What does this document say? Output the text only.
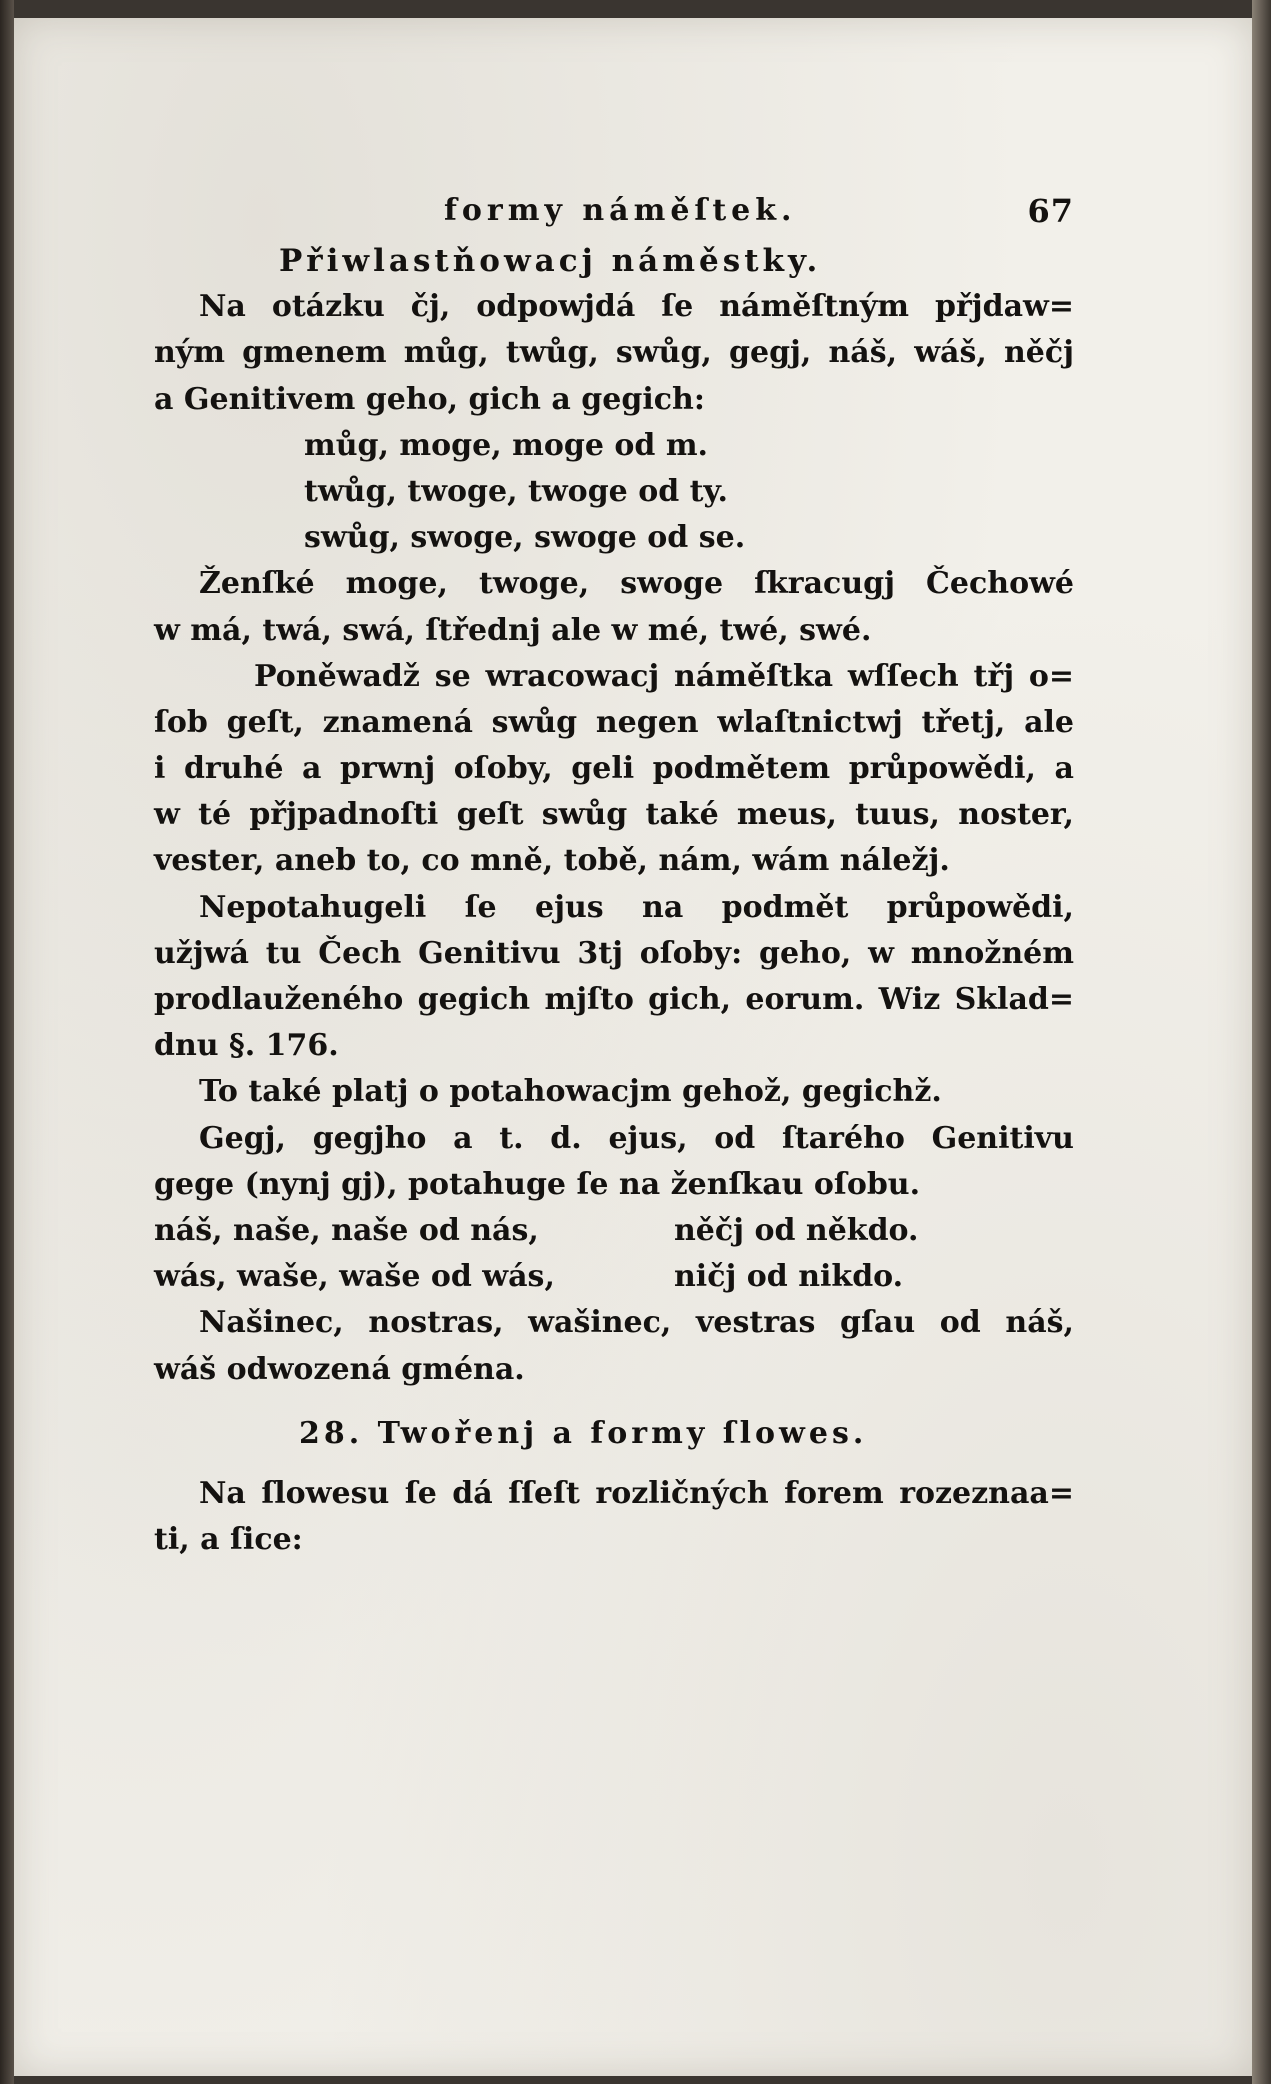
formy náměſtek.	67
Přiwlastňowacj náměstky.
Na otázku čj, odpowjdá ſe náměſtným přjdaw=
ným gmenem můg, twůg, swůg, gegj, náš, wáš, něčj
a Genitivem geho, gich a gegich:
můg, moge, moge od m.
twůg, twoge, twoge od ty.
swůg, swoge, swoge od se.
Ženſké moge, twoge, swoge ſkracugj Čechowé
w má, twá, swá, ſtřednj ale w mé, twé, swé.
Poněwadž se wracowacj náměſtka wſſech třj o=
ſob geſt, znamená swůg negen wlaſtnictwj třetj, ale
i druhé a prwnj oſoby, geli podmětem průpowědi, a
w té přjpadnoſti geſt swůg také meus, tuus, noster,
vester, aneb to, co mně, tobě, nám, wám náležj.
Nepotahugeli ſe ejus na podmět průpowědi,
užjwá tu Čech Genitivu 3tj oſoby: geho, w množném
prodlauženého gegich mjſto gich, eorum. Wiz Sklad=
dnu §. 176.
To také platj o potahowacjm gehož, gegichž.
Gegj, gegjho a t. d. ejus, od ſtarého Genitivu
gege (nynj gj), potahuge ſe na ženſkau oſobu.
náš, naše, naše od nás,	něčj od někdo.
wás, waše, waše od wás,	ničj od nikdo.
Našinec, nostras, wašinec, vestras gſau od náš,
wáš odwozená gména.
28. Twořenj a formy ſlowes.
Na ſlowesu ſe dá ſſeſt rozličných forem rozeznaa=
ti, a ſice:
